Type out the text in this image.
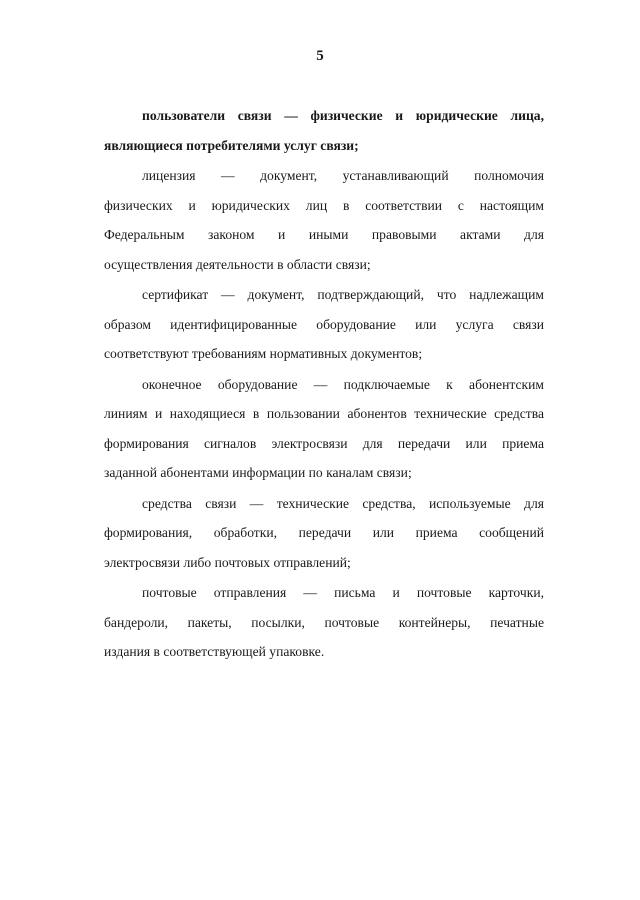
5
пользователи связи — физические и юридические лица,
являющиеся потребителями услуг связи;
лицензия — документ, устанавливающий полномочия
физических и юридических лиц в соответствии с настоящим
Федеральным законом и иными правовыми актами для
осуществления деятельности в области связи;
сертификат — документ, подтверждающий, что надлежащим
образом идентифицированные оборудование или услуга связи
соответствуют требованиям нормативных документов;
оконечное оборудование — подключаемые к абонентским
линиям и находящиеся в пользовании абонентов технические средства
формирования сигналов электросвязи для передачи или приема
заданной абонентами информации по каналам связи;
средства связи — технические средства, используемые для
формирования, обработки, передачи или приема сообщений
электросвязи либо почтовых отправлений;
почтовые отправления — письма и почтовые карточки,
бандероли, пакеты, посылки, почтовые контейнеры, печатные
издания в соответствующей упаковке.
